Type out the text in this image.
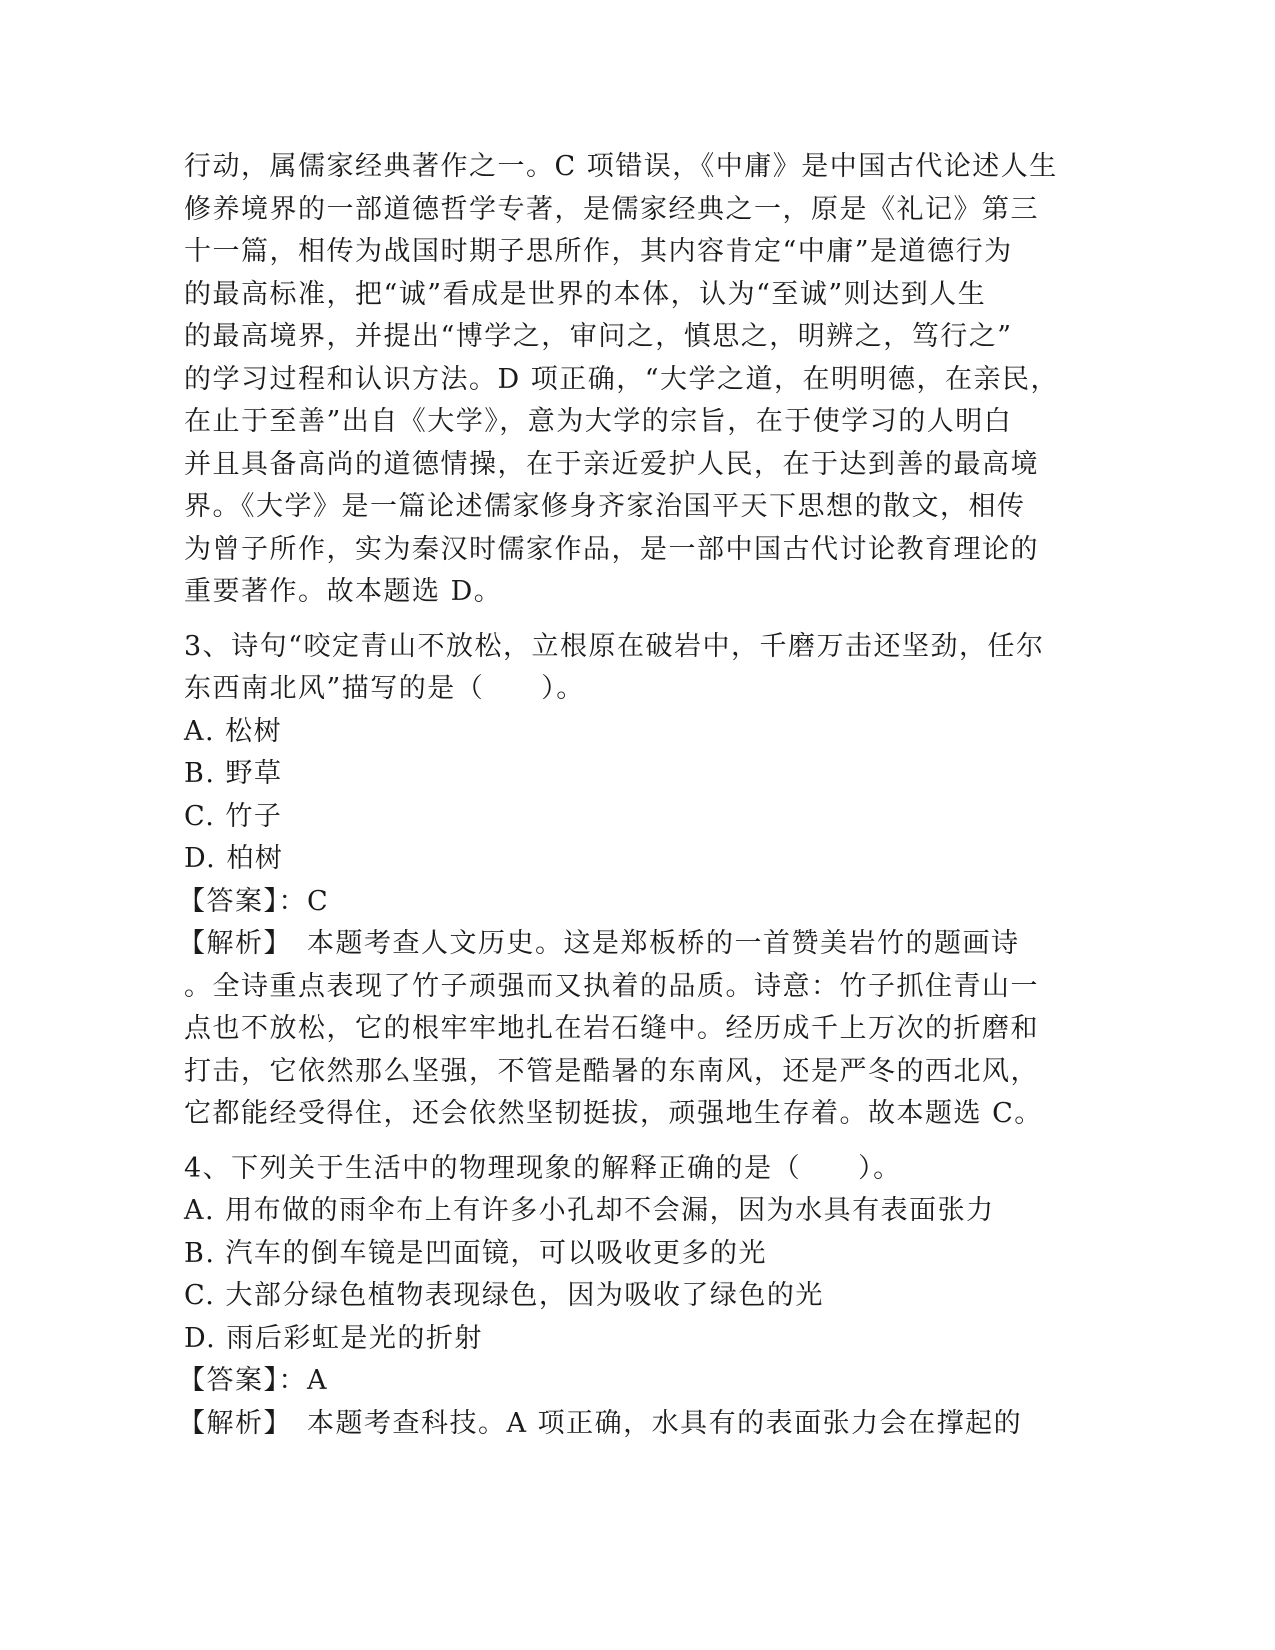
行动，属儒家经典著作之一。C 项错误，《中庸》是中国古代论述人生
修养境界的一部道德哲学专著，是儒家经典之一，原是《礼记》第三
十一篇，相传为战国时期子思所作，其内容肯定“中庸”是道德行为
的最高标准，把“诚”看成是世界的本体，认为“至诚”则达到人生
的最高境界，并提出“博学之，审问之，慎思之，明辨之，笃行之”
的学习过程和认识方法。D 项正确，“大学之道，在明明德，在亲民，
在止于至善”出自《大学》，意为大学的宗旨，在于使学习的人明白
并且具备高尚的道德情操，在于亲近爱护人民，在于达到善的最高境
界。《大学》是一篇论述儒家修身齐家治国平天下思想的散文，相传
为曾子所作，实为秦汉时儒家作品，是一部中国古代讨论教育理论的
重要著作。故本题选 D。
3、诗句“咬定青山不放松，立根原在破岩中，千磨万击还坚劲，任尔
东西南北风”描写的是（　　）。
A. 松树
B. 野草
C. 竹子
D. 柏树
【答案】：C
【解析】　本题考查人文历史。这是郑板桥的一首赞美岩竹的题画诗
。全诗重点表现了竹子顽强而又执着的品质。诗意：竹子抓住青山一
点也不放松，它的根牢牢地扎在岩石缝中。经历成千上万次的折磨和
打击，它依然那么坚强，不管是酷暑的东南风，还是严冬的西北风，
它都能经受得住，还会依然坚韧挺拔，顽强地生存着。故本题选 C。
4、下列关于生活中的物理现象的解释正确的是（　　）。
A. 用布做的雨伞布上有许多小孔却不会漏，因为水具有表面张力
B. 汽车的倒车镜是凹面镜，可以吸收更多的光
C. 大部分绿色植物表现绿色，因为吸收了绿色的光
D. 雨后彩虹是光的折射
【答案】：A
【解析】　本题考查科技。A 项正确，水具有的表面张力会在撑起的
